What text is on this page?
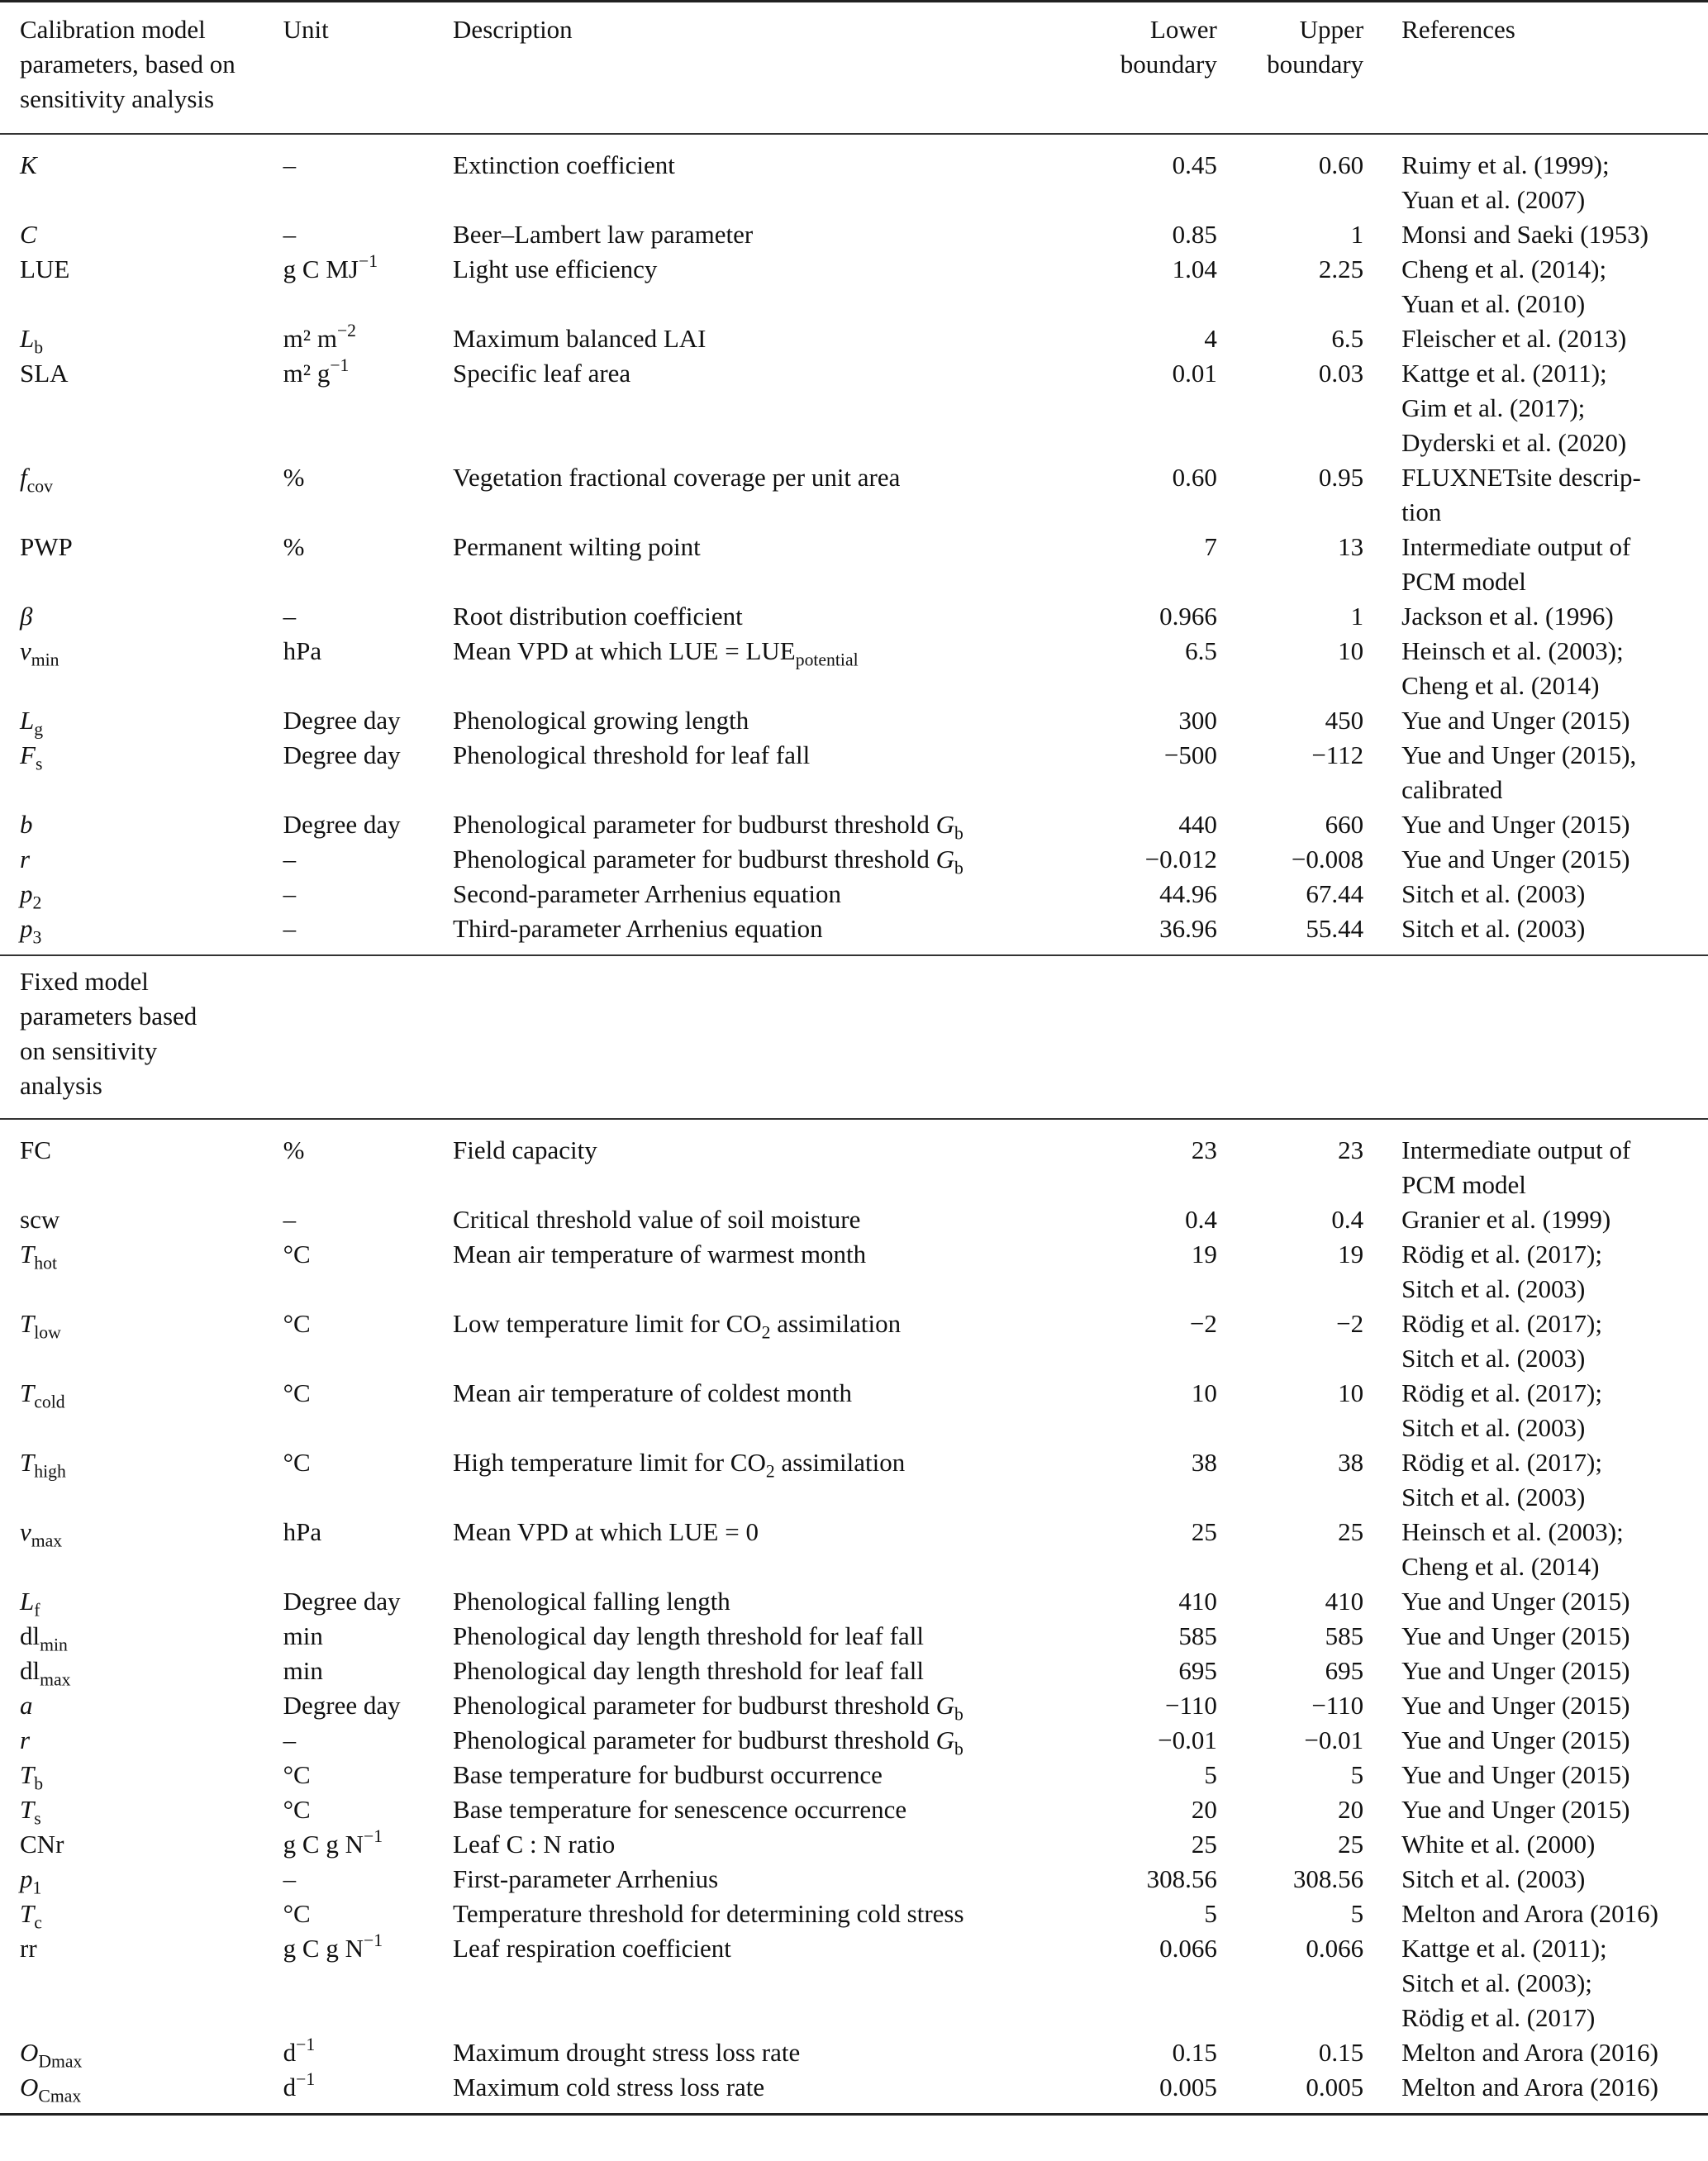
Calibration model parameters, based on sensitivity analysis	Unit	Description	Lower boundary	Upper boundary	References
K	–	Extinction coefficient	0.45	0.60	Ruimy et al. (1999);
Yuan et al. (2007)

C	–	Beer–Lambert law parameter	0.85	1	Monsi and Saeki (1953)

LUE	g C $MJ^{-1}$	Light use efficiency	1.04	2.25	Cheng et al. (2014);
Yuan et al. (2010)

$L_b$	m² $m^{-2}$	Maximum balanced LAI	4	6.5	Fleischer et al. (2013)

SLA	m² $g^{-1}$	Specific leaf area	0.01	0.03	Kattge et al. (2011);
Gim et al. (2017);
Dyderski et al. (2020)

$f_{cov}$	%	Vegetation fractional coverage per unit area	0.60	0.95	FLUXNETsite descrip-
tion

PWP	%	Permanent wilting point	7	13	Intermediate output of
PCM model

β	–	Root distribution coefficient	0.966	1	Jackson et al. (1996)

$v_{min}$	hPa	Mean VPD at which LUE = $LUE_{potential}$	6.5	10	Heinsch et al. (2003);
Cheng et al. (2014)

$L_g$	Degree day	Phenological growing length	300	450	Yue and Unger (2015)

$F_s$	Degree day	Phenological threshold for leaf fall	−500	−112	Yue and Unger (2015),
calibrated

b	Degree day	Phenological parameter for budburst threshold $G_b$	440	660	Yue and Unger (2015)

r	–	Phenological parameter for budburst threshold $G_b$	−0.012	−0.008	Yue and Unger (2015)

$p_2$	–	Second-parameter Arrhenius equation	44.96	67.44	Sitch et al. (2003)

$p_3$	–	Third-parameter Arrhenius equation	36.96	55.44	Sitch et al. (2003)

Fixed model parameters based on sensitivity analysis					
FC	%	Field capacity	23	23	Intermediate output of
PCM model

scw	–	Critical threshold value of soil moisture	0.4	0.4	Granier et al. (1999)

$T_{hot}$	°C	Mean air temperature of warmest month	19	19	Rödig et al. (2017);
Sitch et al. (2003)

$T_{low}$	°C	Low temperature limit for $CO_2$ assimilation	−2	−2	Rödig et al. (2017);
Sitch et al. (2003)

$T_{cold}$	°C	Mean air temperature of coldest month	10	10	Rödig et al. (2017);
Sitch et al. (2003)

$T_{high}$	°C	High temperature limit for $CO_2$ assimilation	38	38	Rödig et al. (2017);
Sitch et al. (2003)

$v_{max}$	hPa	Mean VPD at which LUE = 0	25	25	Heinsch et al. (2003);
Cheng et al. (2014)

$L_f$	Degree day	Phenological falling length	410	410	Yue and Unger (2015)

$dl_{min}$	min	Phenological day length threshold for leaf fall	585	585	Yue and Unger (2015)

$dl_{max}$	min	Phenological day length threshold for leaf fall	695	695	Yue and Unger (2015)

a	Degree day	Phenological parameter for budburst threshold $G_b$	−110	−110	Yue and Unger (2015)

r	–	Phenological parameter for budburst threshold $G_b$	−0.01	−0.01	Yue and Unger (2015)

$T_b$	°C	Base temperature for budburst occurrence	5	5	Yue and Unger (2015)

$T_s$	°C	Base temperature for senescence occurrence	20	20	Yue and Unger (2015)

CNr	g C g $N^{-1}$	Leaf C : N ratio	25	25	White et al. (2000)

$p_1$	–	First-parameter Arrhenius	308.56	308.56	Sitch et al. (2003)

$T_c$	°C	Temperature threshold for determining cold stress	5	5	Melton and Arora (2016)

rr	g C g $N^{-1}$	Leaf respiration coefficient	0.066	0.066	Kattge et al. (2011);
Sitch et al. (2003);
Rödig et al. (2017)

$O_{Dmax}$	$d^{-1}$	Maximum drought stress loss rate	0.15	0.15	Melton and Arora (2016)

$O_{Cmax}$	$d^{-1}$	Maximum cold stress loss rate	0.005	0.005	Melton and Arora (2016)
